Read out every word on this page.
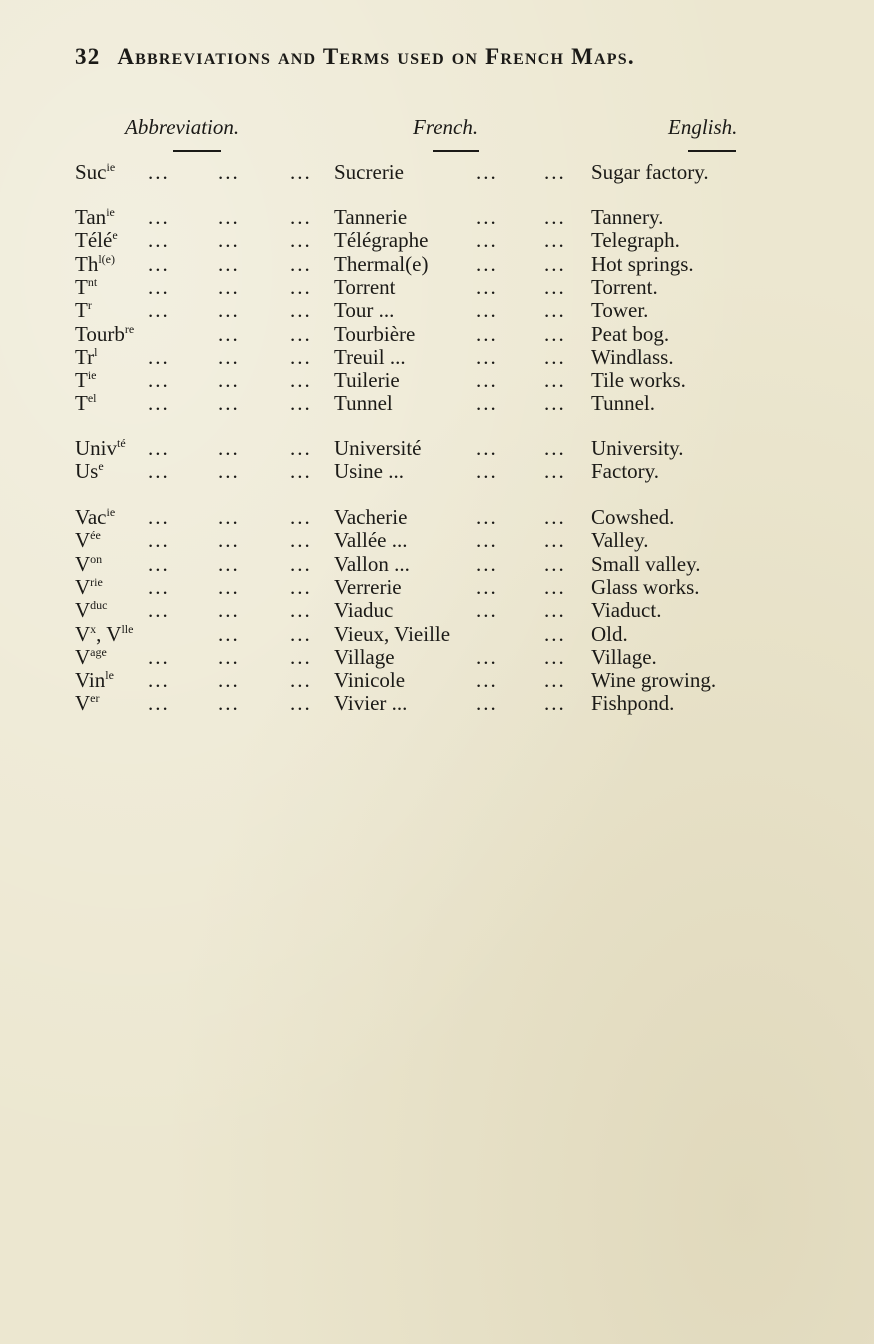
32 Abbreviations and Terms used on French Maps.
Abbreviation.	French.	English.
Suc$^{ie}$ ... ... ... Sucrerie	... ... Sugar factory.
Tan$^{ie}$ ... ... ... Tannerie	... ... Tannery.
Télé$^e$ ... ... ... Télégraphe ... ... Telegraph.
$Th^{l(e)}$ ... ... ... Thermal(e) ... ... Hot springs.
$T^{nt}$ ... ... ... Torrent	... ... Torrent.
$T^r$	... ... ... Tour ...	... ... Tower.
Tourb$^{re}$	... ... Tourbière	... ... Peat bog.
Tr$^l$ ... ... ... Treuil ...	... ... Windlass.
$T^{ie}$ ... ... ... Tuilerie	... ... Tile works.
$T^{el}$ ... ... ... Tunnel	... ... Tunnel.
Univ$^{té}$ ... ... ... Université	... ... University.
Us$^e$ ... ... ... Usine ...	... ... Factory.
Vac$^{ie}$ ... ... ... Vacherie	... ... Cowshed.
$V^{ée}$ ... ... ... Vallée ...	... ... Valley.
$V^{on}$ ... ... ... Vallon ...	... ... Small valley.
$V^{rie}$ ... ... ... Verrerie	... ... Glass works.
$V^{duc}$ ... ... ... Viaduc	... ... Viaduct.
$V^x$, $V^{lle}$	... ... Vieux, Vieille	... Old.
$V^{age}$ ... ... ... Village	... ... Village.
Vin$^{le}$ ... ... ... Vinicole	... ... Wine growing.
Ver ... ... ... Vivier ...	... ... Fishpond.
